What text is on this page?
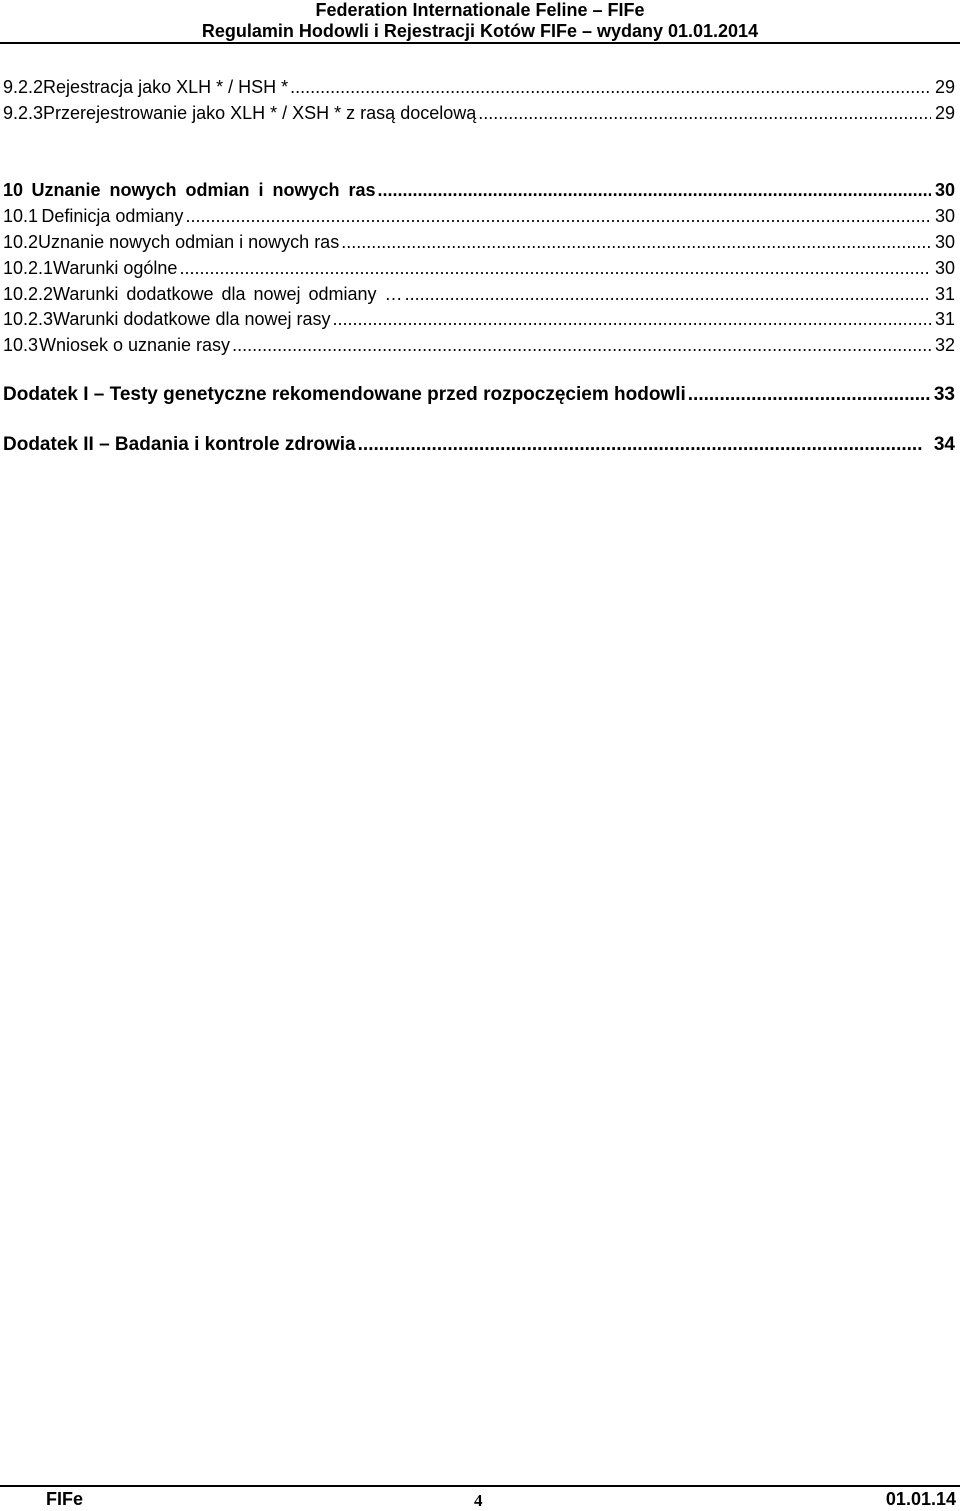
Federation Internationale Feline – FIFe
Regulamin Hodowli i Rejestracji Kotów FIFe – wydany 01.01.2014
9.2.2 Rejestracja jako XLH * / HSH * .....	29
9.2.3 Przerejestrowanie jako XLH * / XSH * z rasą docelową .....	29
10 Uznanie nowych odmian i nowych ras .....	30
10.1 Definicja odmiany .....	30
10.2 Uznanie nowych odmian i nowych ras .....	30
10.2.1 Warunki ogólne .....	30
10.2.2 Warunki dodatkowe dla nowej odmiany … .....	31
10.2.3 Warunki dodatkowe dla nowej rasy .....	31
10.3 Wniosek o uznanie rasy .....	32
Dodatek I – Testy genetyczne rekomendowane przed rozpoczęciem hodowli .....	33
Dodatek II – Badania i kontrole zdrowia .....	34
FIFe	4	01.01.14
